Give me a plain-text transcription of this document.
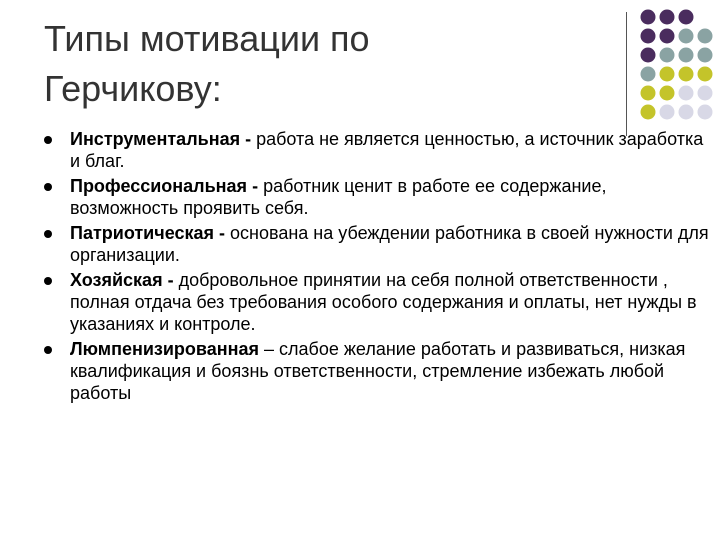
Типы мотивации по
Герчикову:
Инструментальная - работа не является ценностью, а источник заработка и благ.
Профессиональная - работник ценит в работе ее содержание, возможность проявить себя.
Патриотическая - основана на убеждении работника в своей нужности для организации.
Хозяйская - добровольное принятии на себя полной ответственности , полная отдача без требования особого содержания и оплаты, нет нужды в указаниях и контроле.
Люмпенизированная – слабое желание работать и развиваться, низкая квалификация и боязнь ответственности, стремление избежать любой работы
